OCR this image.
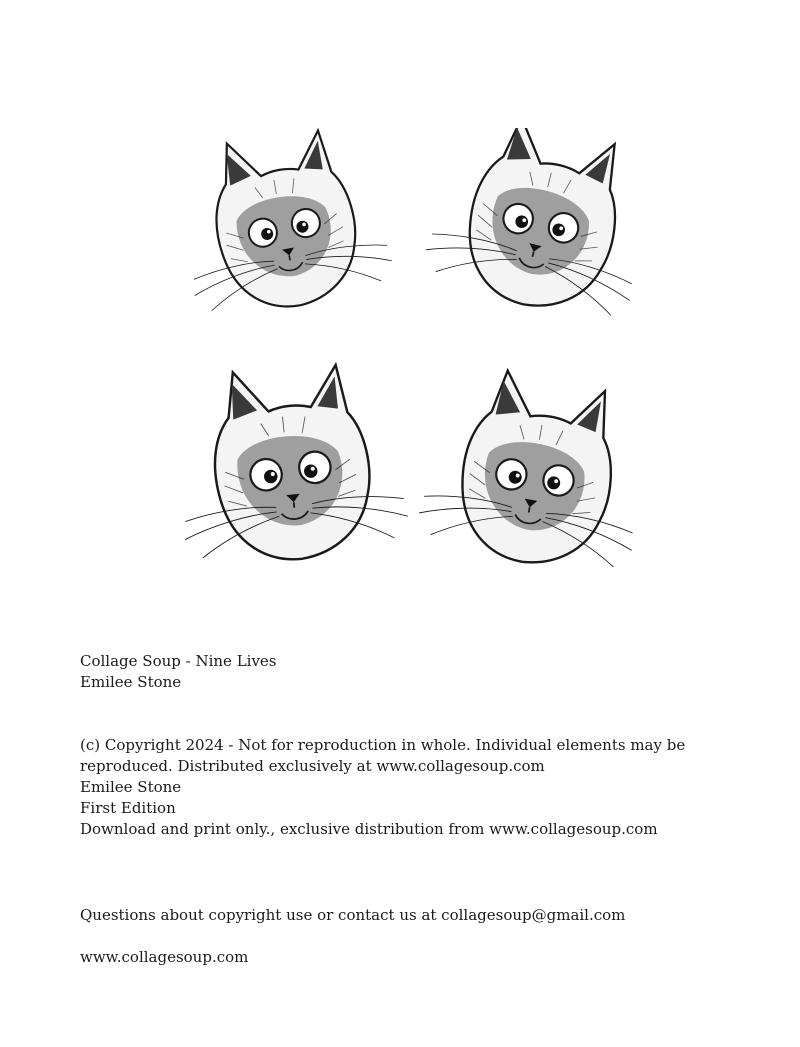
Collage Soup - Nine Lives
Emilee Stone
(c) Copyright 2024 - Not for reproduction in whole. Individual elements may be
reproduced. Distributed exclusively at www.collagesoup.com
Emilee Stone
First Edition
Download and print only., exclusive distribution from www.collagesoup.com
Questions about copyright use or contact us at collagesoup@gmail.com
www.collagesoup.com
